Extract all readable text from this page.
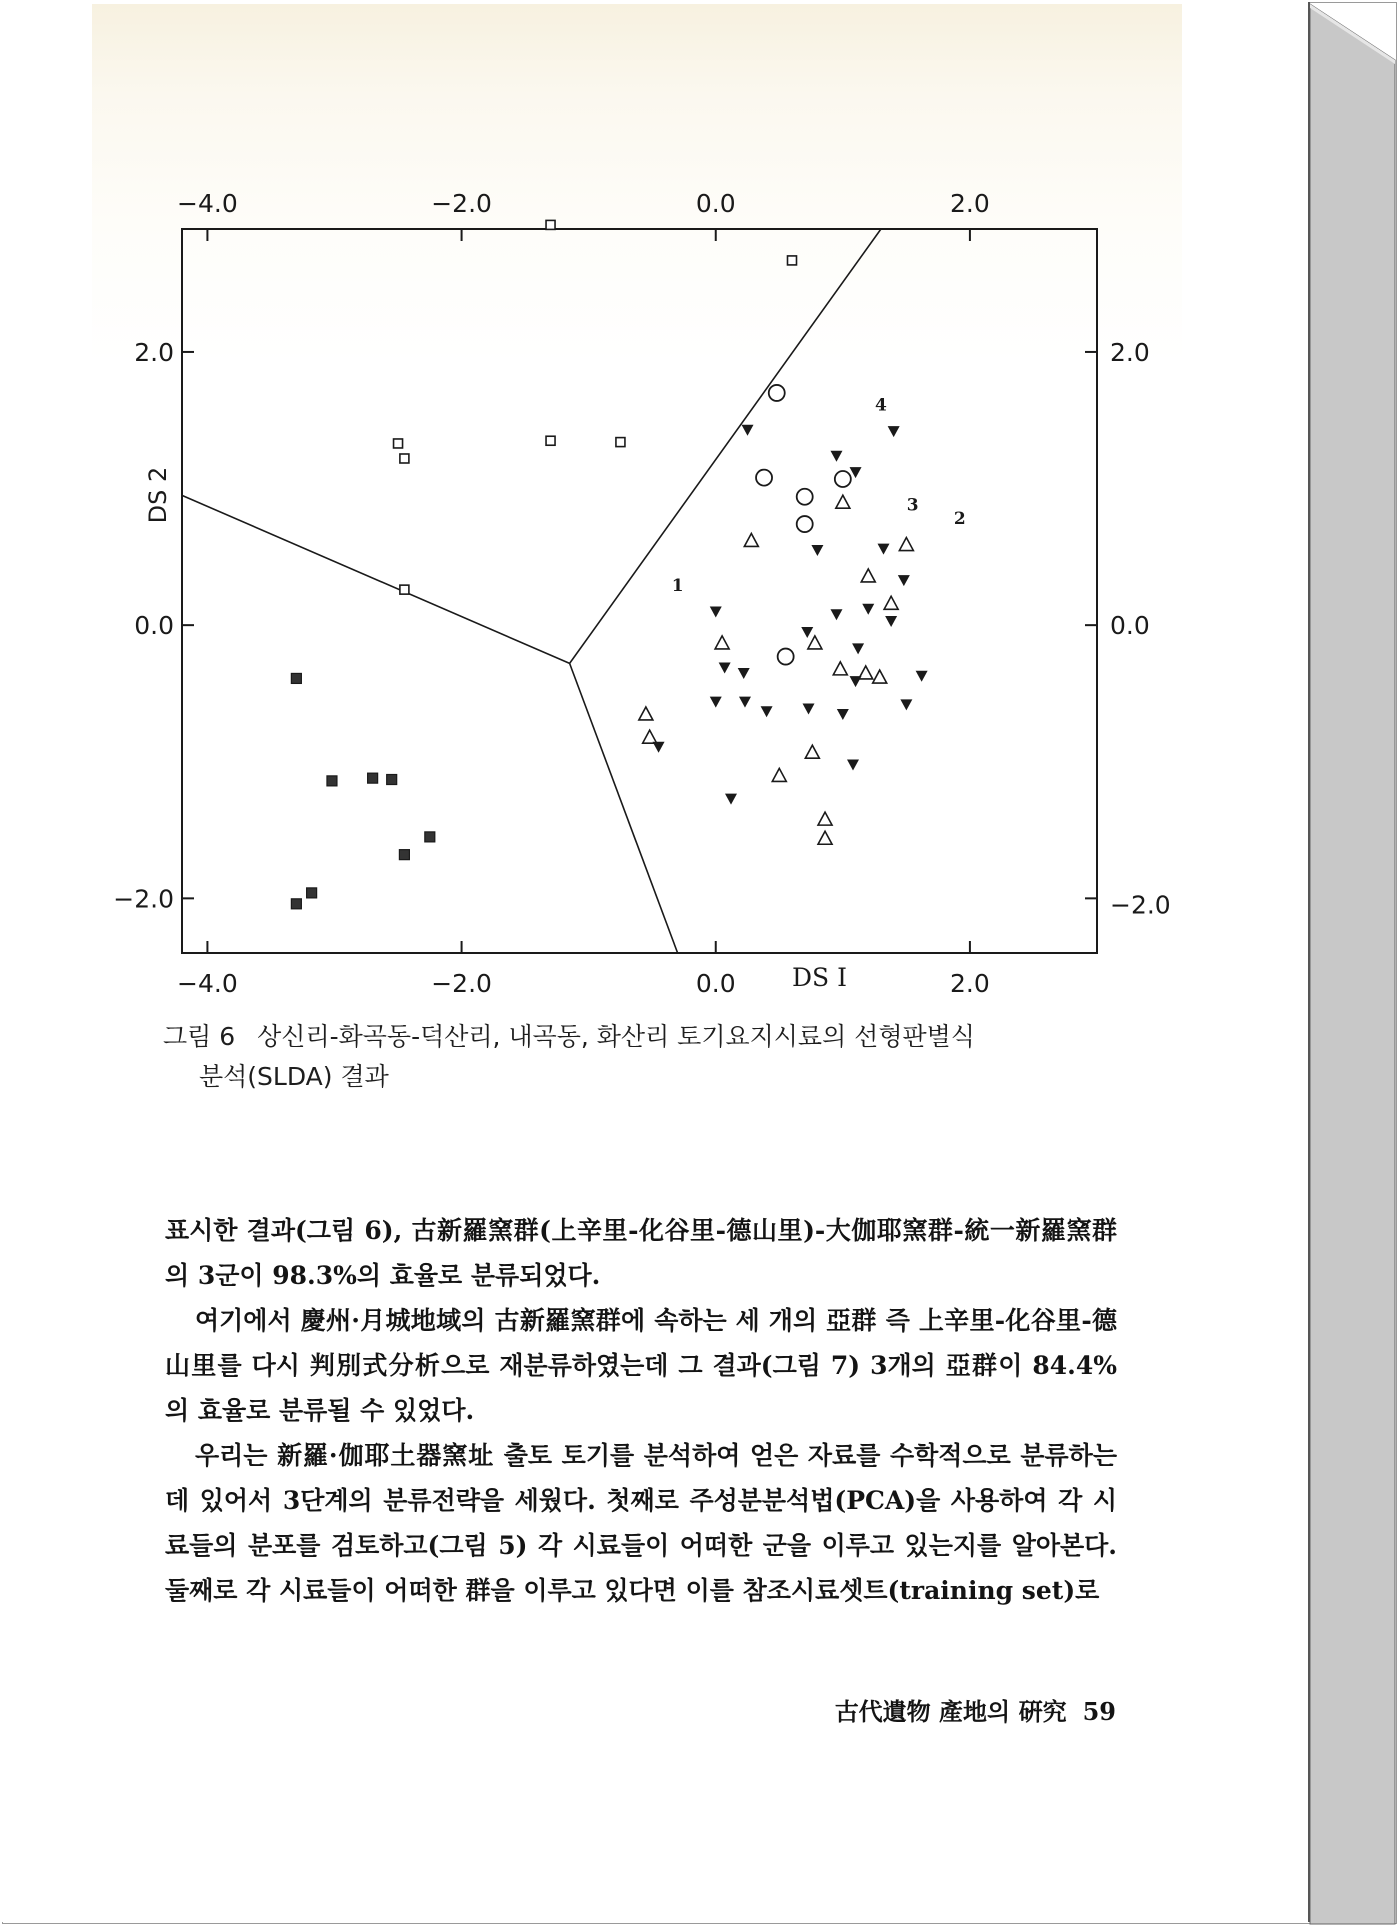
1
4
3
2
−4.0
−4.0
−2.0
−2.0
0.0
0.0
2.0
2.0
−2.0	−2.0
0.0	0.0
2.0	2.0
DS I
DS 2
그림 6 상신리-화곡동-덕산리, 내곡동, 화산리 토기요지시료의 선형판별식
분석(SLDA) 결과

표시한 결과(그림 6), 古新羅窯群(上辛里-化谷里-德山里)-大伽耶窯群-統一新羅窯群의 3군이 98.3%의 효율로 분류되었다.

여기에서 慶州·月城地域의 古新羅窯群에 속하는 세 개의 亞群 즉 上辛里-化谷里-德山里를 다시 判別式分析으로 재분류하였는데 그 결과(그림 7) 3개의 亞群이 84.4%의 효율로 분류될 수 있었다.

우리는 新羅·伽耶土器窯址 출토 토기를 분석하여 얻은 자료를 수학적으로 분류하는 데 있어서 3단계의 분류전략을 세웠다. 첫째로 주성분분석법(PCA)을 사용하여 각 시료들의 분포를 검토하고(그림 5) 각 시료들이 어떠한 군을 이루고 있는지를 알아본다. 둘째로 각 시료들이 어떠한 群을 이루고 있다면 이를 참조시료셋트(training set)로

古代遺物 產地의 硏究 59
